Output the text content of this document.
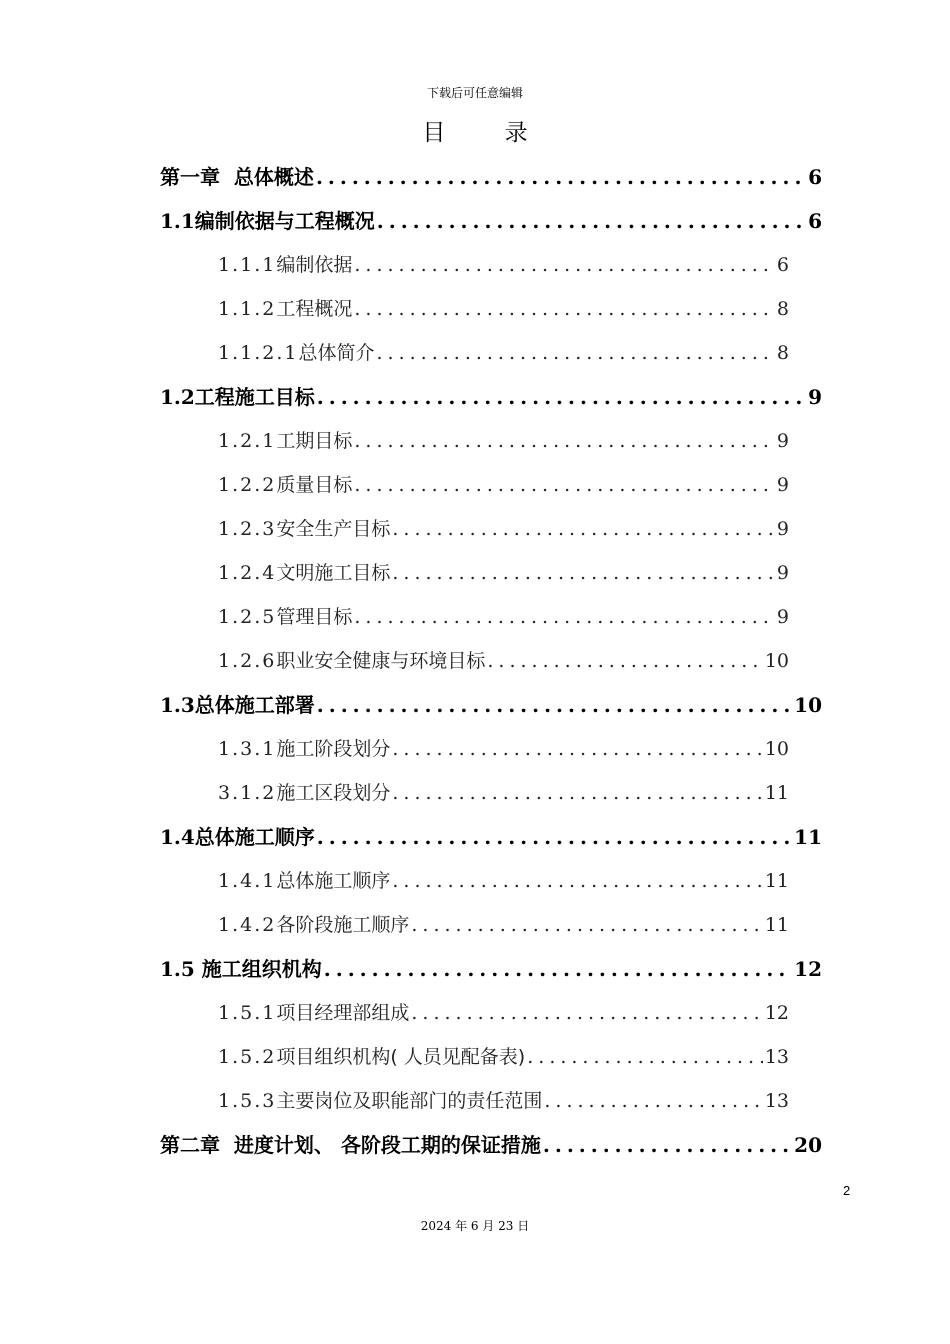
下载后可任意编辑
目 录
第一章  总体概述 .....	6
1.1 编制依据与工程概况 .....	6
1.1.1 编制依据 .....	6
1.1.2 工程概况 .....	8
1.1.2.1 总体简介 .....	8
1.2 工程施工目标 .....	9
1.2.1 工期目标 .....	9
1.2.2 质量目标 .....	9
1.2.3 安全生产目标 .....	9
1.2.4 文明施工目标 .....	9
1.2.5 管理目标 .....	9
1.2.6 职业安全健康与环境目标 .....	10
1.3 总体施工部署 .....	10
1.3.1 施工阶段划分 .....	10
3.1.2 施工区段划分 .....	11
1.4 总体施工顺序 .....	11
1.4.1 总体施工顺序 .....	11
1.4.2 各阶段施工顺序 .....	11
1.5 施工组织机构 .....	12
1.5.1 项目经理部组成 .....	12
1.5.2 项目组织机构( 人员见配备表) .....	13
1.5.3 主要岗位及职能部门的责任范围 .....	13
第二章  进度计划、 各阶段工期的保证措施 .....	20
2
2024 年 6 月 23 日
